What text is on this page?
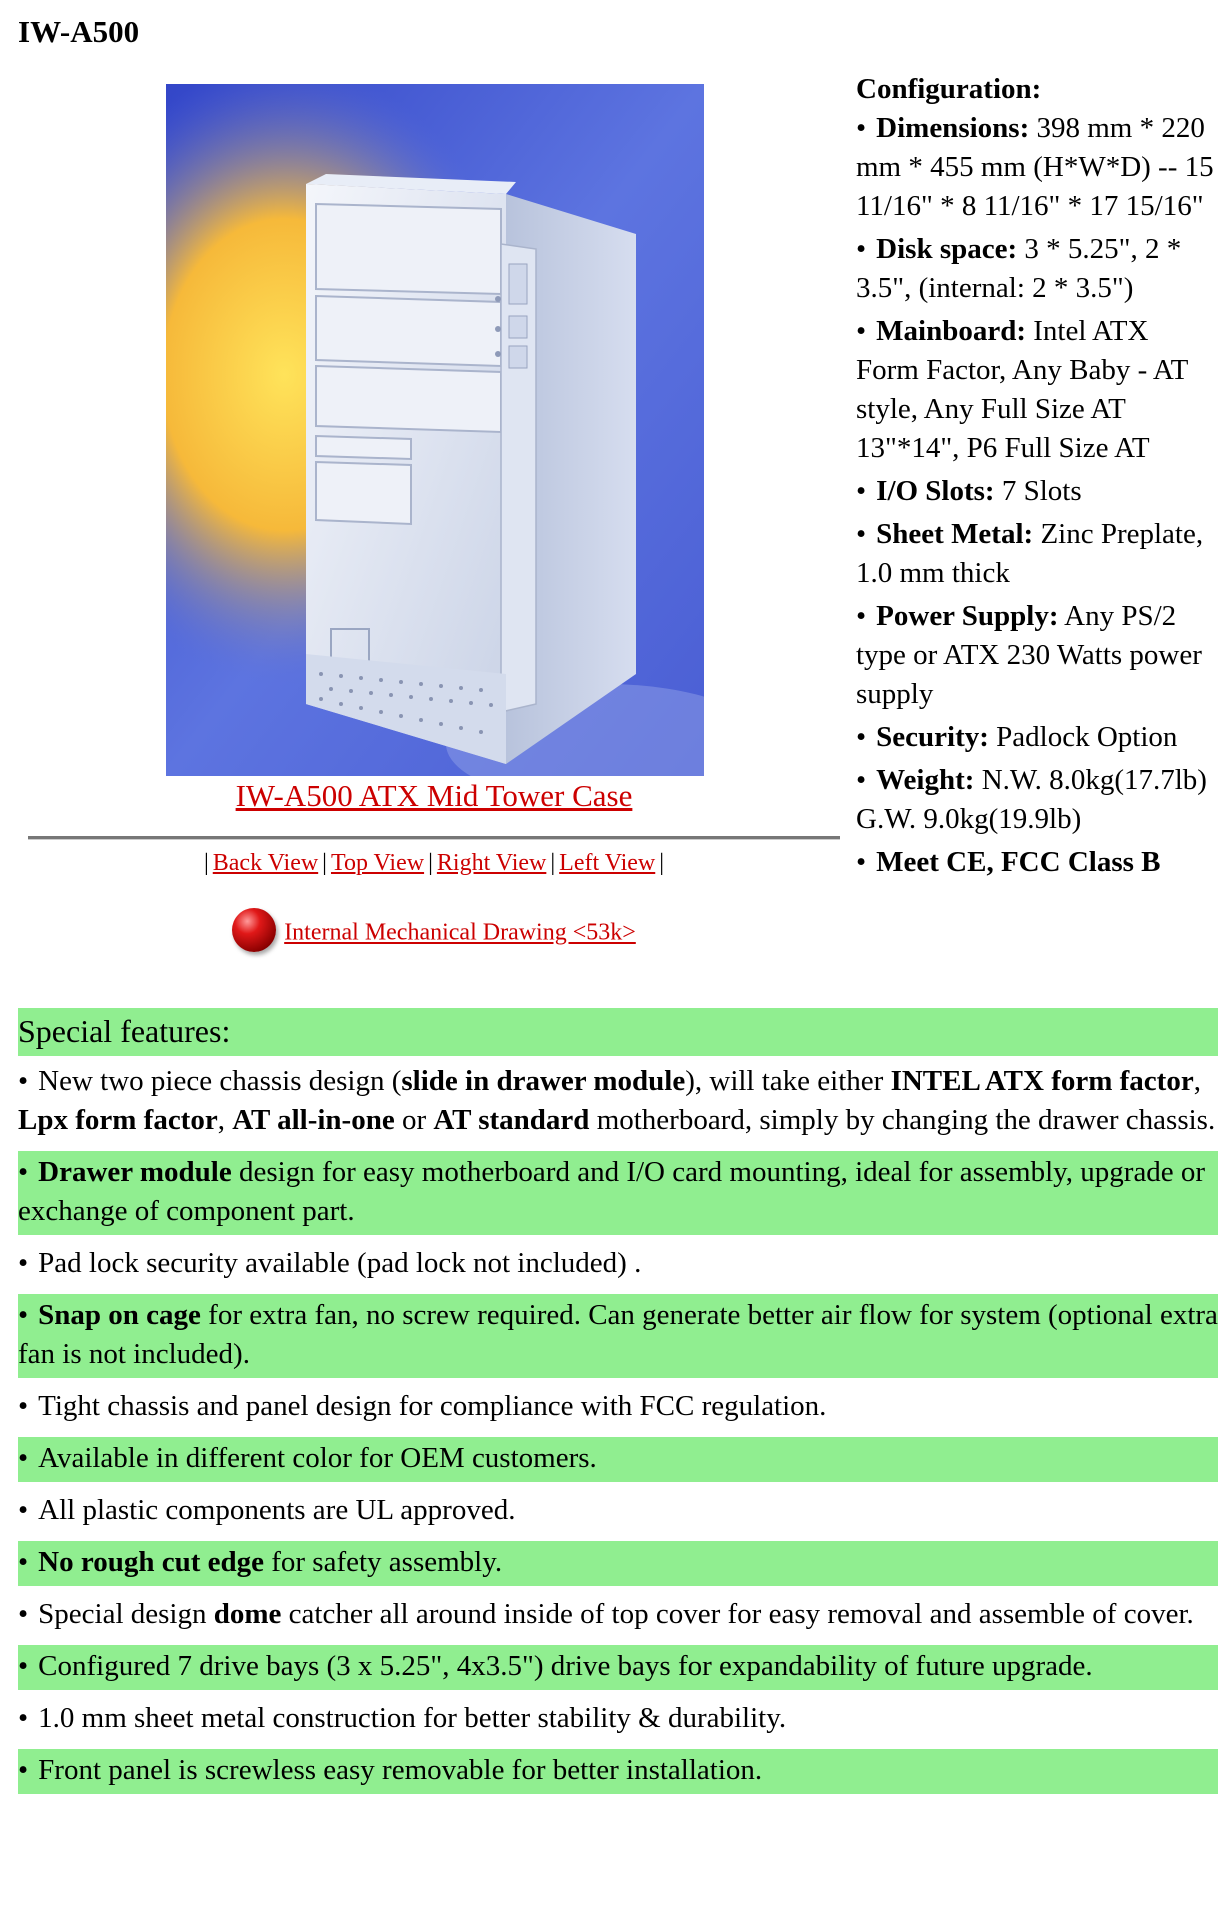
IW-A500
IW-A500 ATX Mid Tower Case
| Back View | Top View | Right View | Left View |
Internal Mechanical Drawing <53k>
Configuration:
• Dimensions: 398 mm * 220 mm * 455 mm (H*W*D) -- 15 11/16" * 8 11/16" * 17 15/16"
• Disk space: 3 * 5.25", 2 * 3.5", (internal: 2 * 3.5")
• Mainboard: Intel ATX Form Factor, Any Baby - AT style, Any Full Size AT 13"*14", P6 Full Size AT
• I/O Slots: 7 Slots
• Sheet Metal: Zinc Preplate, 1.0 mm thick
• Power Supply: Any PS/2 type or ATX 230 Watts power supply
• Security: Padlock Option
• Weight: N.W. 8.0kg(17.7lb) G.W. 9.0kg(19.9lb)
• Meet CE, FCC Class B
Special features:
• New two piece chassis design (slide in drawer module), will take either INTEL ATX form factor, Lpx form factor, AT all-in-one or AT standard motherboard, simply by changing the drawer chassis.
• Drawer module design for easy motherboard and I/O card mounting, ideal for assembly, upgrade or exchange of component part.
• Pad lock security available (pad lock not included) .
• Snap on cage for extra fan, no screw required. Can generate better air flow for system (optional extra fan is not included).
• Tight chassis and panel design for compliance with FCC regulation.
• Available in different color for OEM customers.
• All plastic components are UL approved.
• No rough cut edge for safety assembly.
• Special design dome catcher all around inside of top cover for easy removal and assemble of cover.
• Configured 7 drive bays (3 x 5.25", 4x3.5") drive bays for expandability of future upgrade.
• 1.0 mm sheet metal construction for better stability & durability.
• Front panel is screwless easy removable for better installation.
